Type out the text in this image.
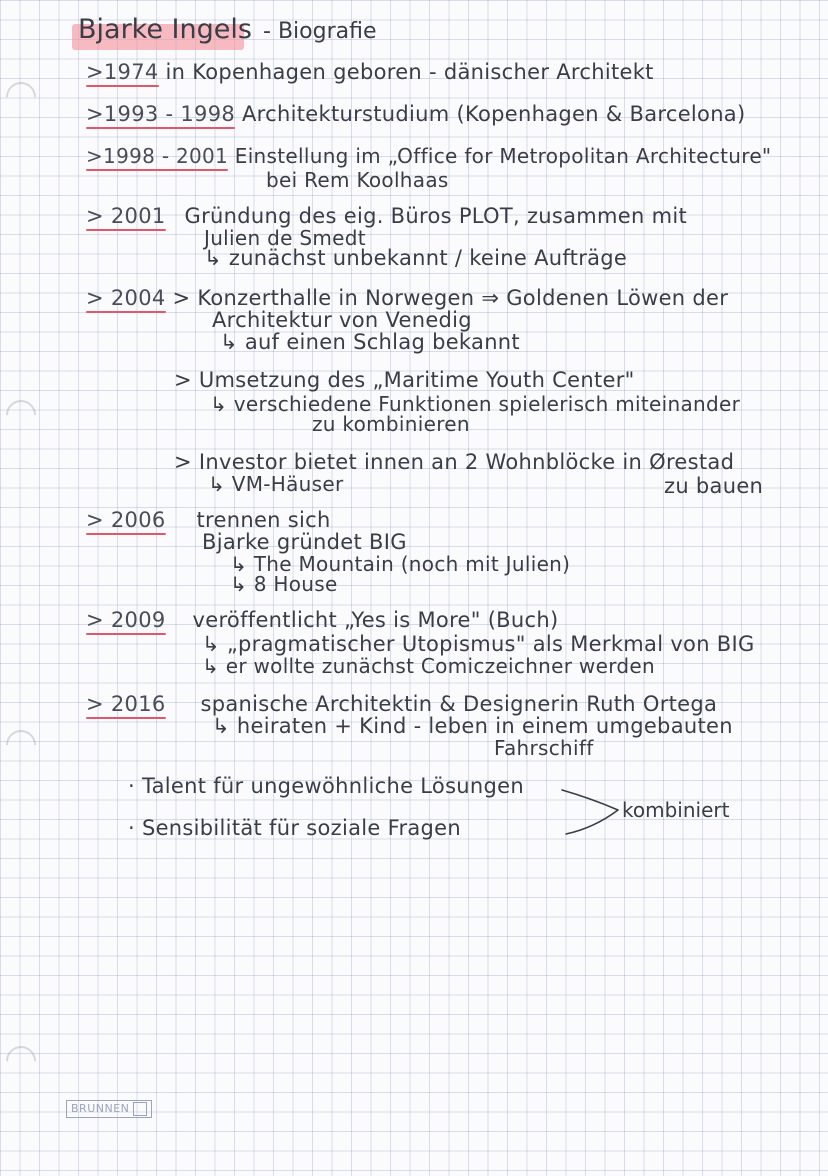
Bjarke Ingels - Biografie
>1974 in Kopenhagen geboren - dänischer Architekt
>1993 - 1998 Architekturstudium (Kopenhagen & Barcelona)
>1998 - 2001 Einstellung im „Office for Metropolitan Architecture"
bei Rem Koolhaas
> 2001 Gründung des eig. Büros PLOT, zusammen mit
Julien de Smedt
↳ zunächst unbekannt / keine Aufträge
> 2004 > Konzerthalle in Norwegen ⇒ Goldenen Löwen der
Architektur von Venedig
↳ auf einen Schlag bekannt
> Umsetzung des „Maritime Youth Center"
↳ verschiedene Funktionen spielerisch miteinander
zu kombinieren
> Investor bietet innen an 2 Wohnblöcke in Ørestad
↳ VM-Häuser	zu bauen
> 2006 trennen sich
Bjarke gründet BIG
↳ The Mountain (noch mit Julien)
↳ 8 House
> 2009 veröffentlicht „Yes is More" (Buch)
↳ „pragmatischer Utopismus" als Merkmal von BIG
↳ er wollte zunächst Comiczeichner werden
> 2016 spanische Architektin & Designerin Ruth Ortega
↳ heiraten + Kind - leben in einem umgebauten
Fahrschiff
· Talent für ungewöhnliche Lösungen
· Sensibilität für soziale Fragen
kombiniert
BRUNNEN
